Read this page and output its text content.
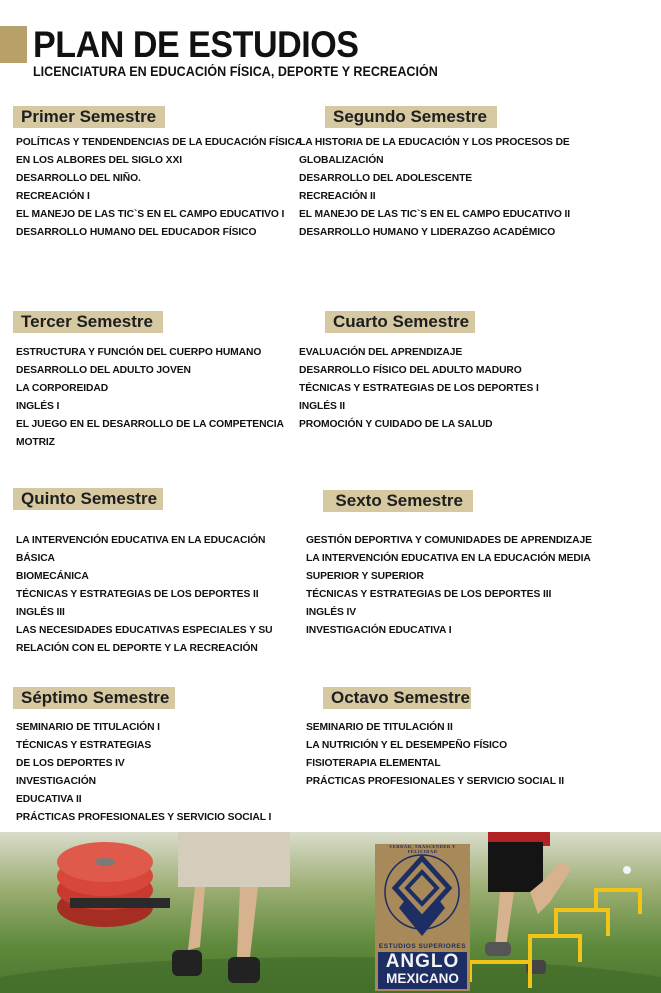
PLAN DE ESTUDIOS
LICENCIATURA EN EDUCACIÓN FÍSICA, DEPORTE Y RECREACIÓN
Primer Semestre
POLÍTICAS Y TENDENDENCIAS DE LA EDUCACIÓN FÍSICA
EN LOS ALBORES DEL SIGLO XXI
DESARROLLO DEL NIÑO.
RECREACIÓN I
EL MANEJO DE LAS TIC`S EN EL CAMPO EDUCATIVO I
DESARROLLO HUMANO DEL EDUCADOR FÍSICO
Segundo Semestre
LA HISTORIA DE LA EDUCACIÓN Y LOS PROCESOS DE
GLOBALIZACIÓN
DESARROLLO DEL ADOLESCENTE
RECREACIÓN II
EL MANEJO DE LAS TIC`S EN EL CAMPO EDUCATIVO II
DESARROLLO HUMANO Y LIDERAZGO ACADÉMICO
Tercer Semestre
ESTRUCTURA Y FUNCIÓN DEL CUERPO HUMANO
DESARROLLO DEL ADULTO JOVEN
LA CORPOREIDAD
INGLÉS I
EL JUEGO EN EL DESARROLLO DE LA COMPETENCIA
MOTRIZ
Cuarto Semestre
EVALUACIÓN DEL APRENDIZAJE
DESARROLLO FÍSICO DEL ADULTO MADURO
TÉCNICAS Y ESTRATEGIAS DE LOS DEPORTES I
INGLÉS II
PROMOCIÓN Y CUIDADO DE LA SALUD
Quinto Semestre
LA INTERVENCIÓN EDUCATIVA EN LA EDUCACIÓN
BÁSICA
BIOMECÁNICA
TÉCNICAS Y ESTRATEGIAS DE LOS DEPORTES II
INGLÉS III
LAS NECESIDADES EDUCATIVAS ESPECIALES Y SU
RELACIÓN CON EL DEPORTE Y LA RECREACIÓN
Sexto Semestre
GESTIÓN DEPORTIVA Y COMUNIDADES DE APRENDIZAJE
LA INTERVENCIÓN EDUCATIVA EN LA EDUCACIÓN MEDIA
SUPERIOR Y SUPERIOR
TÉCNICAS Y ESTRATEGIAS DE LOS DEPORTES III
INGLÉS IV
INVESTIGACIÓN EDUCATIVA I
Séptimo Semestre
SEMINARIO DE TITULACIÓN I
TÉCNICAS Y ESTRATEGIAS
DE LOS DEPORTES IV
INVESTIGACIÓN
EDUCATIVA II
PRÁCTICAS PROFESIONALES Y SERVICIO SOCIAL I
Octavo Semestre
SEMINARIO DE TITULACIÓN II
LA NUTRICIÓN Y EL DESEMPEÑO FÍSICO
FISIOTERAPIA ELEMENTAL
PRÁCTICAS PROFESIONALES Y SERVICIO SOCIAL II
VERDAD, TRASCENDER Y FELICIDAD
ESTUDIOS SUPERIORES
ANGLO
MEXICANO
